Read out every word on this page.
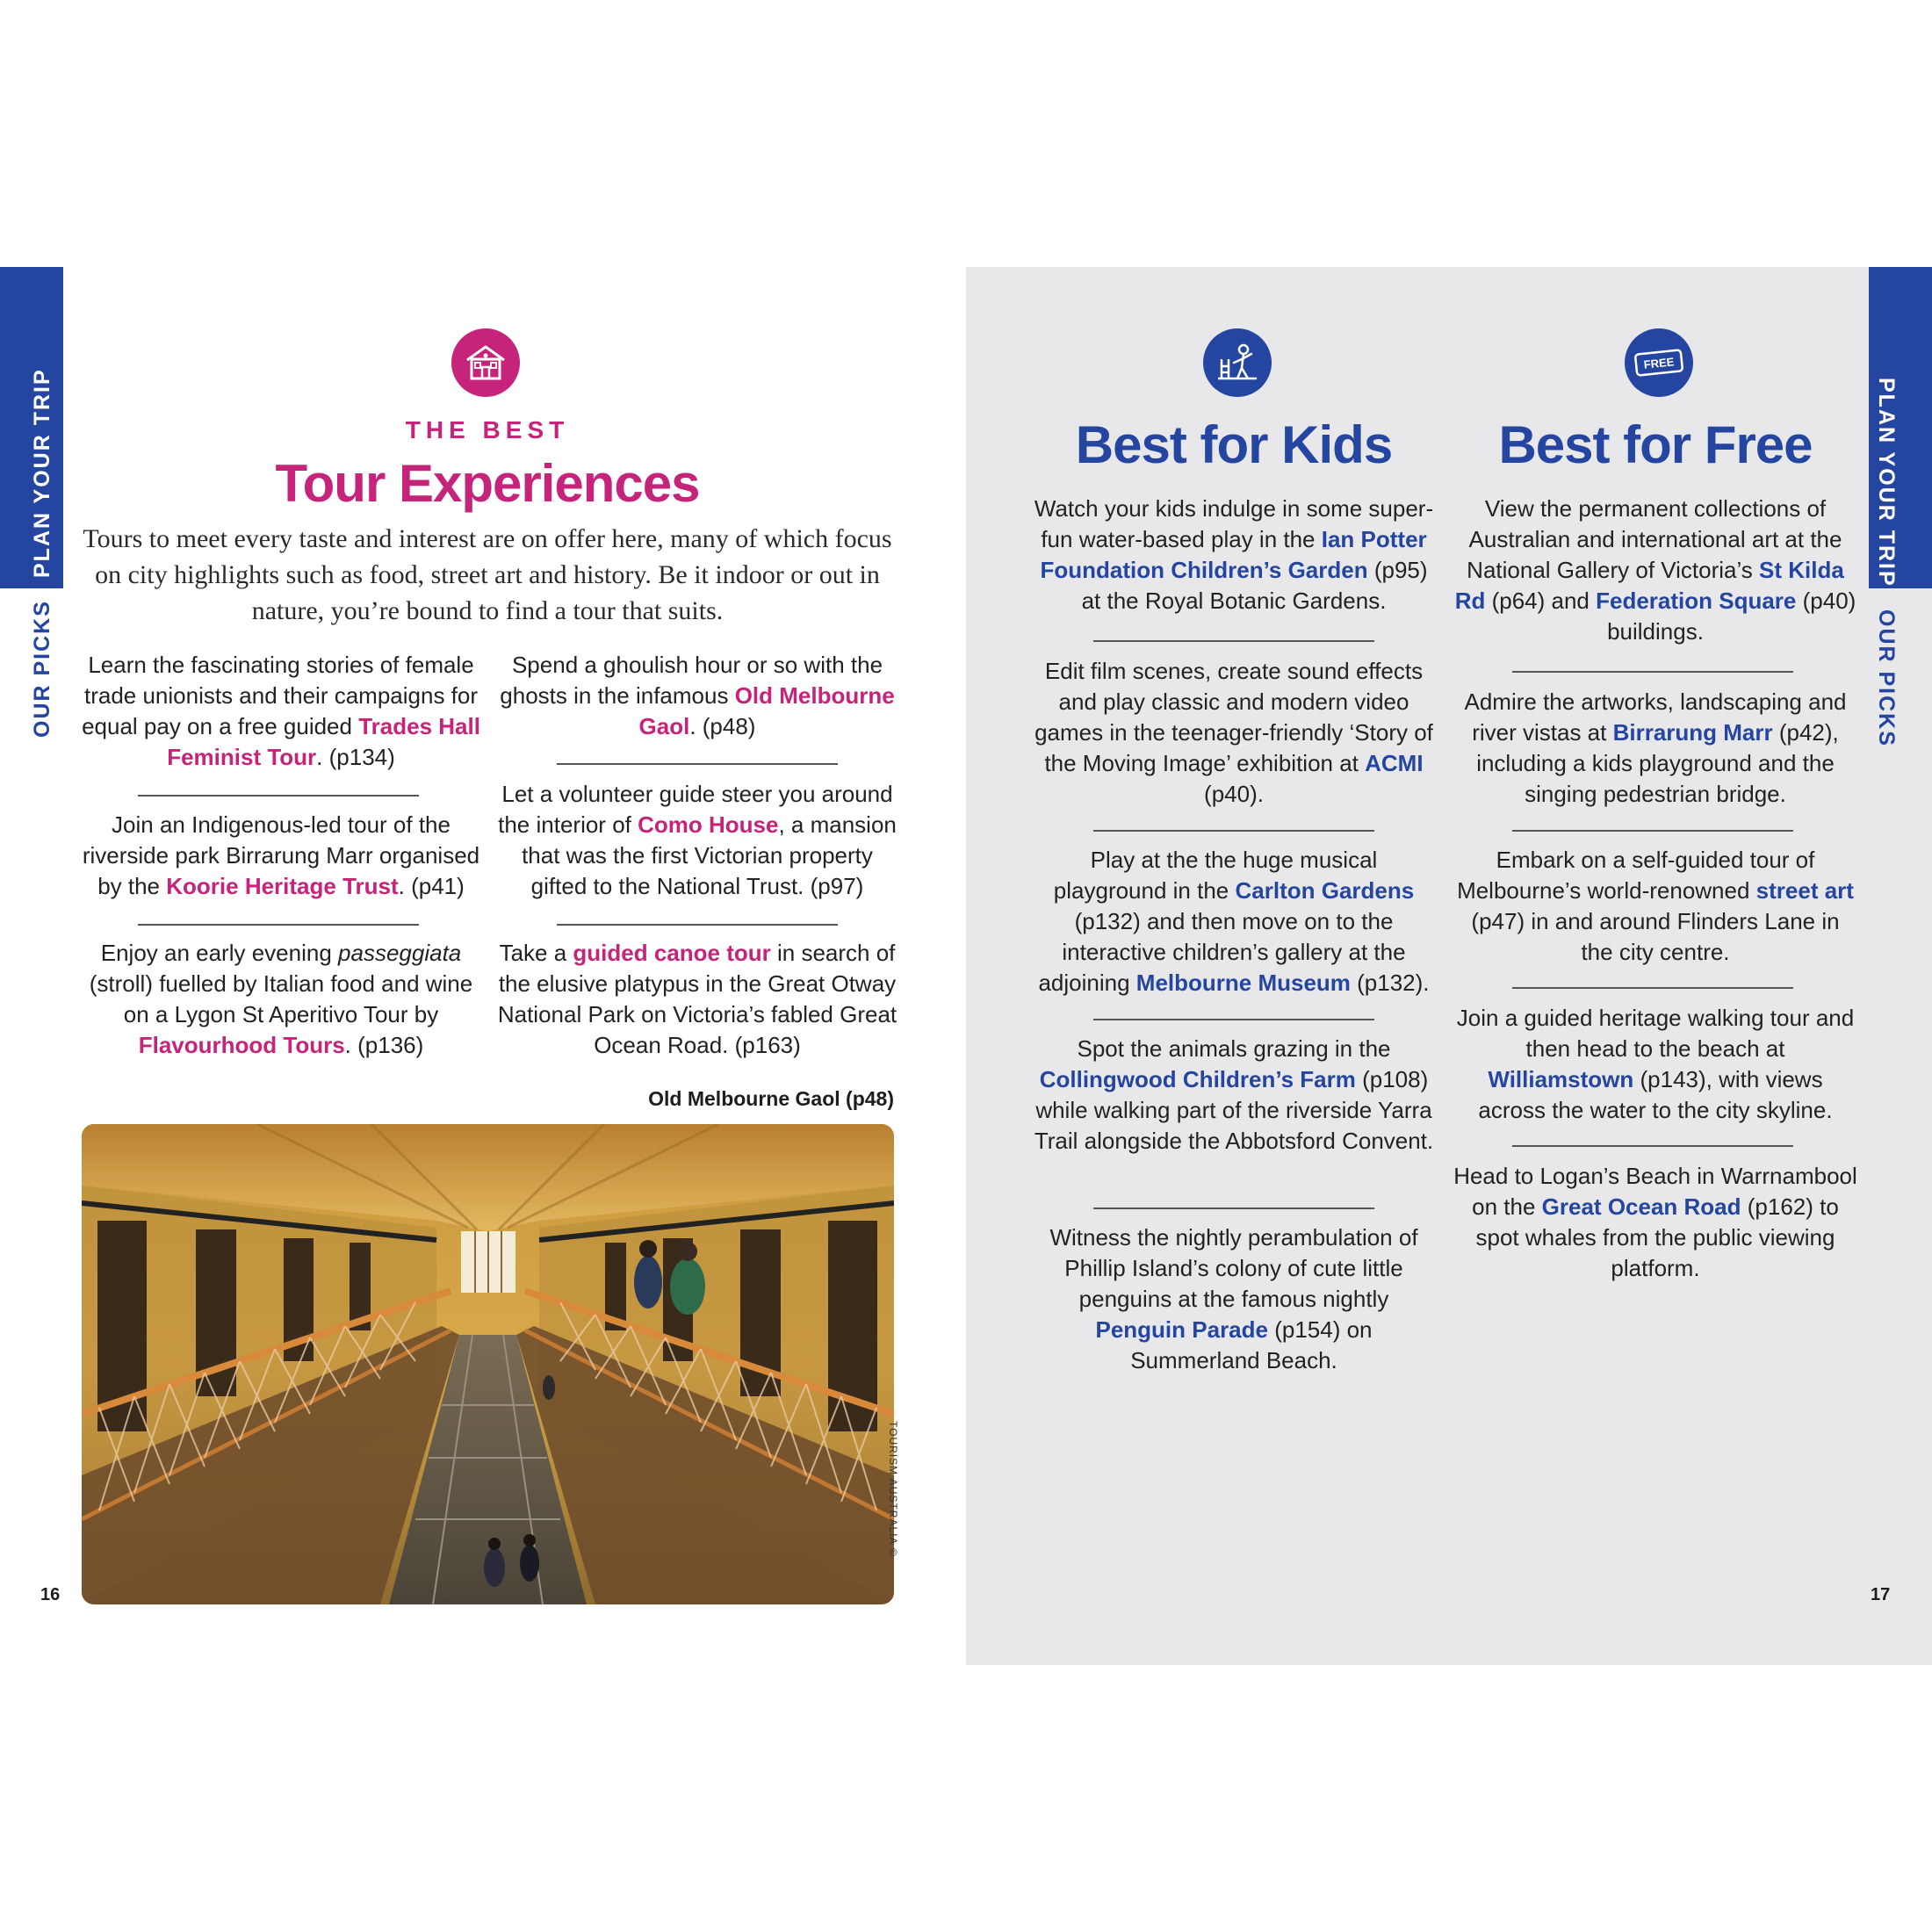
PLAN YOUR TRIP
OUR PICKS
THE BEST
Tour Experiences
Tours to meet every taste and interest are on offer here, many of which focus on city highlights such as food, street art and history. Be it indoor or out in nature, you’re bound to find a tour that suits.
Learn the fascinating stories of female trade unionists and their campaigns for equal pay on a free guided Trades Hall Feminist Tour. (p134)
Join an Indigenous-led tour of the riverside park Birrarung Marr organised by the Koorie Heritage Trust. (p41)
Enjoy an early evening passeggiata (stroll) fuelled by Italian food and wine on a Lygon St Aperitivo Tour by Flavourhood Tours. (p136)
Spend a ghoulish hour or so with the ghosts in the infamous Old Melbourne Gaol. (p48)
Let a volunteer guide steer you around the interior of Como House, a mansion that was the first Victorian property gifted to the National Trust. (p97)
Take a guided canoe tour in search of the elusive platypus in the Great Otway National Park on Victoria’s fabled Great Ocean Road. (p163)
Old Melbourne Gaol (p48)
TOURISM AUSTRALIA ©
16
PLAN YOUR TRIP
OUR PICKS
Best for Kids
Watch your kids indulge in some super-fun water-based play in the Ian Potter Foundation Children’s Garden (p95) at the Royal Botanic Gardens.
Edit film scenes, create sound effects and play classic and modern video games in the teenager-friendly ‘Story of the Moving Image’ exhibition at ACMI (p40).
Play at the the huge musical playground in the Carlton Gardens (p132) and then move on to the interactive children’s gallery at the adjoining Melbourne Museum (p132).
Spot the animals grazing in the Collingwood Children’s Farm (p108) while walking part of the riverside Yarra Trail alongside the Abbotsford Convent.
Witness the nightly perambulation of Phillip Island’s colony of cute little penguins at the famous nightly Penguin Parade (p154) on Summerland Beach.
FREE
Best for Free
View the permanent collections of Australian and international art at the National Gallery of Victoria’s St Kilda Rd (p64) and Federation Square (p40) buildings.
Admire the artworks, landscaping and river vistas at Birrarung Marr (p42), including a kids playground and the singing pedestrian bridge.
Embark on a self-guided tour of Melbourne’s world-renowned street art (p47) in and around Flinders Lane in the city centre.
Join a guided heritage walking tour and then head to the beach at Williamstown (p143), with views across the water to the city skyline.
Head to Logan’s Beach in Warrnambool on the Great Ocean Road (p162) to spot whales from the public viewing platform.
17
